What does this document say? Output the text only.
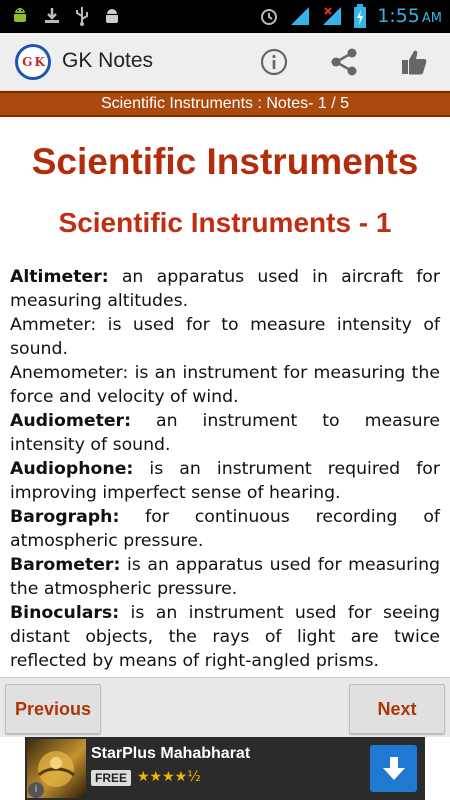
1:55 AM
G K GK Notes
Scientific Instruments : Notes- 1 / 5
Scientific Instruments
Scientific Instruments - 1
Altimeter: an apparatus used in aircraft for measuring altitudes.
Ammeter: is used for to measure intensity of sound.
Anemometer: is an instrument for measuring the force and velocity of wind.
Audiometer: an instrument to measure intensity of sound.
Audiophone: is an instrument required for improving imperfect sense of hearing.
Barograph: for continuous recording of atmospheric pressure.
Barometer: is an apparatus used for measuring the atmospheric pressure.
Binoculars: is an instrument used for seeing distant objects, the rays of light are twice reflected by means of right-angled prisms.
Previous	Next
StarPlus Mahabharat
FREE ★★★★½
i
